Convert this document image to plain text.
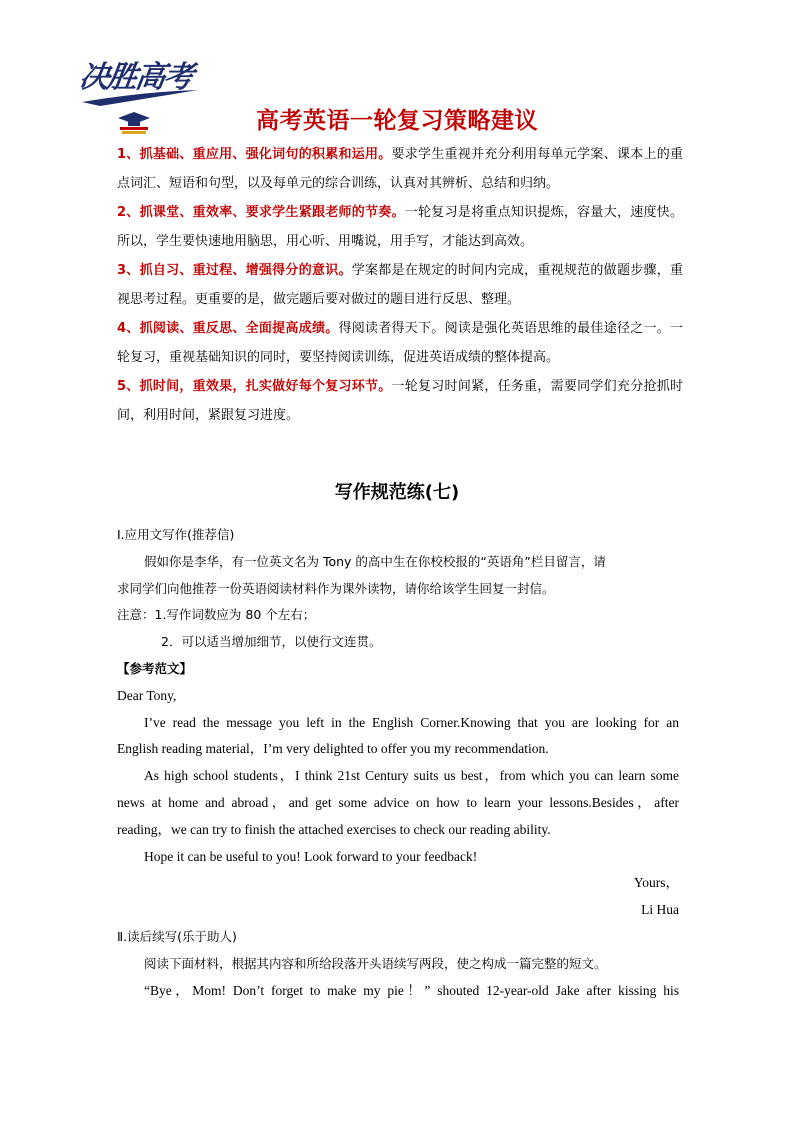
决胜高考
高考英语一轮复习策略建议

1、抓基础、重应用、强化词句的积累和运用。要求学生重视并充分利用每单元学案、课本上的重点词汇、短语和句型，以及每单元的综合训练，认真对其辨析、总结和归纳。

2、抓课堂、重效率、要求学生紧跟老师的节奏。一轮复习是将重点知识提炼，容量大，速度快。所以，学生要快速地用脑思，用心听、用嘴说，用手写，才能达到高效。

3、抓自习、重过程、增强得分的意识。学案都是在规定的时间内完成，重视规范的做题步骤，重视思考过程。更重要的是，做完题后要对做过的题目进行反思、整理。

4、抓阅读、重反思、全面提高成绩。得阅读者得天下。阅读是强化英语思维的最佳途径之一。一轮复习，重视基础知识的同时，要坚持阅读训练，促进英语成绩的整体提高。

5、抓时间，重效果，扎实做好每个复习环节。一轮复习时间紧，任务重，需要同学们充分抢抓时间，利用时间，紧跟复习进度。

写作规范练(七)
Ⅰ.应用文写作(推荐信)
假如你是李华，有一位英文名为 Tony 的高中生在你校校报的“英语角”栏目留言，请
求同学们向他推荐一份英语阅读材料作为课外读物，请你给该学生回复一封信。
注意：1.写作词数应为 80 个左右；
2．可以适当增加细节，以使行文连贯。
【参考范文】
Dear Tony,
I’ve read the message you left in the English Corner.Knowing that you are looking for an
English reading material，I’m very delighted to offer you my recommendation.
As high school students，I think 21st Century suits us best，from which you can learn some
news at home and abroad，and get some advice on how to learn your lessons.Besides，after
reading，we can try to finish the attached exercises to check our reading ability.
Hope it can be useful to you! Look forward to your feedback!
Yours，
Li Hua
Ⅱ.读后续写(乐于助人)
阅读下面材料，根据其内容和所给段落开头语续写两段，使之构成一篇完整的短文。
“Bye，Mom! Don’t forget to make my pie！” shouted 12-year-old Jake after kissing his
